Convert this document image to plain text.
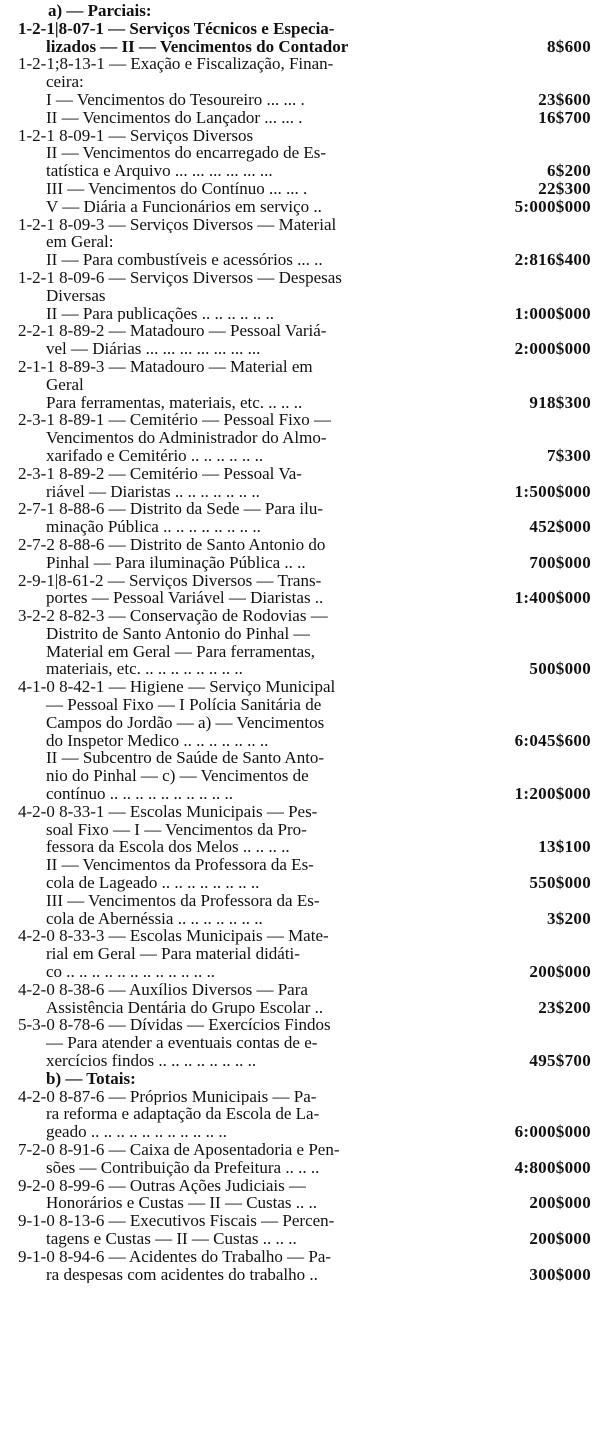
a) — Parciais:
1-2-1|8-07-1 — Serviços Técnicos e Especia-
lizados — II — Vencimentos do Contador	8$600
1-2-1;8-13-1 — Exação e Fiscalização, Finan-
ceira:
I — Vencimentos do Tesoureiro ... ... .	23$600
II — Vencimentos do Lançador ... ... .	16$700
1-2-1 8-09-1 — Serviços Diversos
II — Vencimentos do encarregado de Es-
tatística e Arquivo ... ... ... ... ... ...	6$200
III — Vencimentos do Contínuo ... ... .	22$300
V — Diária a Funcionários em serviço ..	5:000$000
1-2-1 8-09-3 — Serviços Diversos — Material
em Geral:
II — Para combustíveis e acessórios ... ..	2:816$400
1-2-1 8-09-6 — Serviços Diversos — Despesas
Diversas
II — Para publicações .. .. .. .. .. ..	1:000$000
2-2-1 8-89-2 — Matadouro — Pessoal Variá-
vel — Diárias ... ... ... ... ... ... ...	2:000$000
2-1-1 8-89-3 — Matadouro — Material em
Geral
Para ferramentas, materiais, etc. .. .. ..	918$300
2-3-1 8-89-1 — Cemitério — Pessoal Fixo —
Vencimentos do Administrador do Almo-
xarifado e Cemitério .. .. .. .. .. ..	7$300
2-3-1 8-89-2 — Cemitério — Pessoal Va-
riável — Diaristas .. .. .. .. .. .. ..	1:500$000
2-7-1 8-88-6 — Distrito da Sede — Para ilu-
minação Pública .. .. .. .. .. .. .. ..	452$000
2-7-2 8-88-6 — Distrito de Santo Antonio do
Pinhal — Para iluminação Pública .. ..	700$000
2-9-1|8-61-2 — Serviços Diversos — Trans-
portes — Pessoal Variável — Diaristas ..	1:400$000
3-2-2 8-82-3 — Conservação de Rodovias —
Distrito de Santo Antonio do Pinhal —
Material em Geral — Para ferramentas,
materiais, etc. .. .. .. .. .. .. .. ..	500$000
4-1-0 8-42-1 — Higiene — Serviço Municipal
— Pessoal Fixo — I Polícia Sanitária de
Campos do Jordão — a) — Vencimentos
do Inspetor Medico .. .. .. .. .. .. ..	6:045$600
II — Subcentro de Saúde de Santo Anto-
nio do Pinhal — c) — Vencimentos de
contínuo .. .. .. .. .. .. .. .. .. ..	1:200$000
4-2-0 8-33-1 — Escolas Municipais — Pes-
soal Fixo — I — Vencimentos da Pro-
fessora da Escola dos Melos .. .. .. ..	13$100
II — Vencimentos da Professora da Es-
cola de Lageado .. .. .. .. .. .. .. ..	550$000
III — Vencimentos da Professora da Es-
cola de Abernéssia .. .. .. .. .. .. ..	3$200
4-2-0 8-33-3 — Escolas Municipais — Mate-
rial em Geral — Para material didáti-
co .. .. .. .. .. .. .. .. .. .. .. ..	200$000
4-2-0 8-38-6 — Auxílios Diversos — Para
Assistência Dentária do Grupo Escolar ..	23$200
5-3-0 8-78-6 — Dívidas — Exercícios Findos
— Para atender a eventuais contas de e-
xercícios findos .. .. .. .. .. .. .. ..	495$700
b) — Totais:
4-2-0 8-87-6 — Próprios Municipais — Pa-
ra reforma e adaptação da Escola de La-
geado .. .. .. .. .. .. .. .. .. .. ..	6:000$000
7-2-0 8-91-6 — Caixa de Aposentadoria e Pen-
sões — Contribuição da Prefeitura .. .. ..	4:800$000
9-2-0 8-99-6 — Outras Ações Judiciais —
Honorários e Custas — II — Custas .. ..	200$000
9-1-0 8-13-6 — Executivos Fiscais — Percen-
tagens e Custas — II — Custas .. .. ..	200$000
9-1-0 8-94-6 — Acidentes do Trabalho — Pa-
ra despesas com acidentes do trabalho ..	300$000
